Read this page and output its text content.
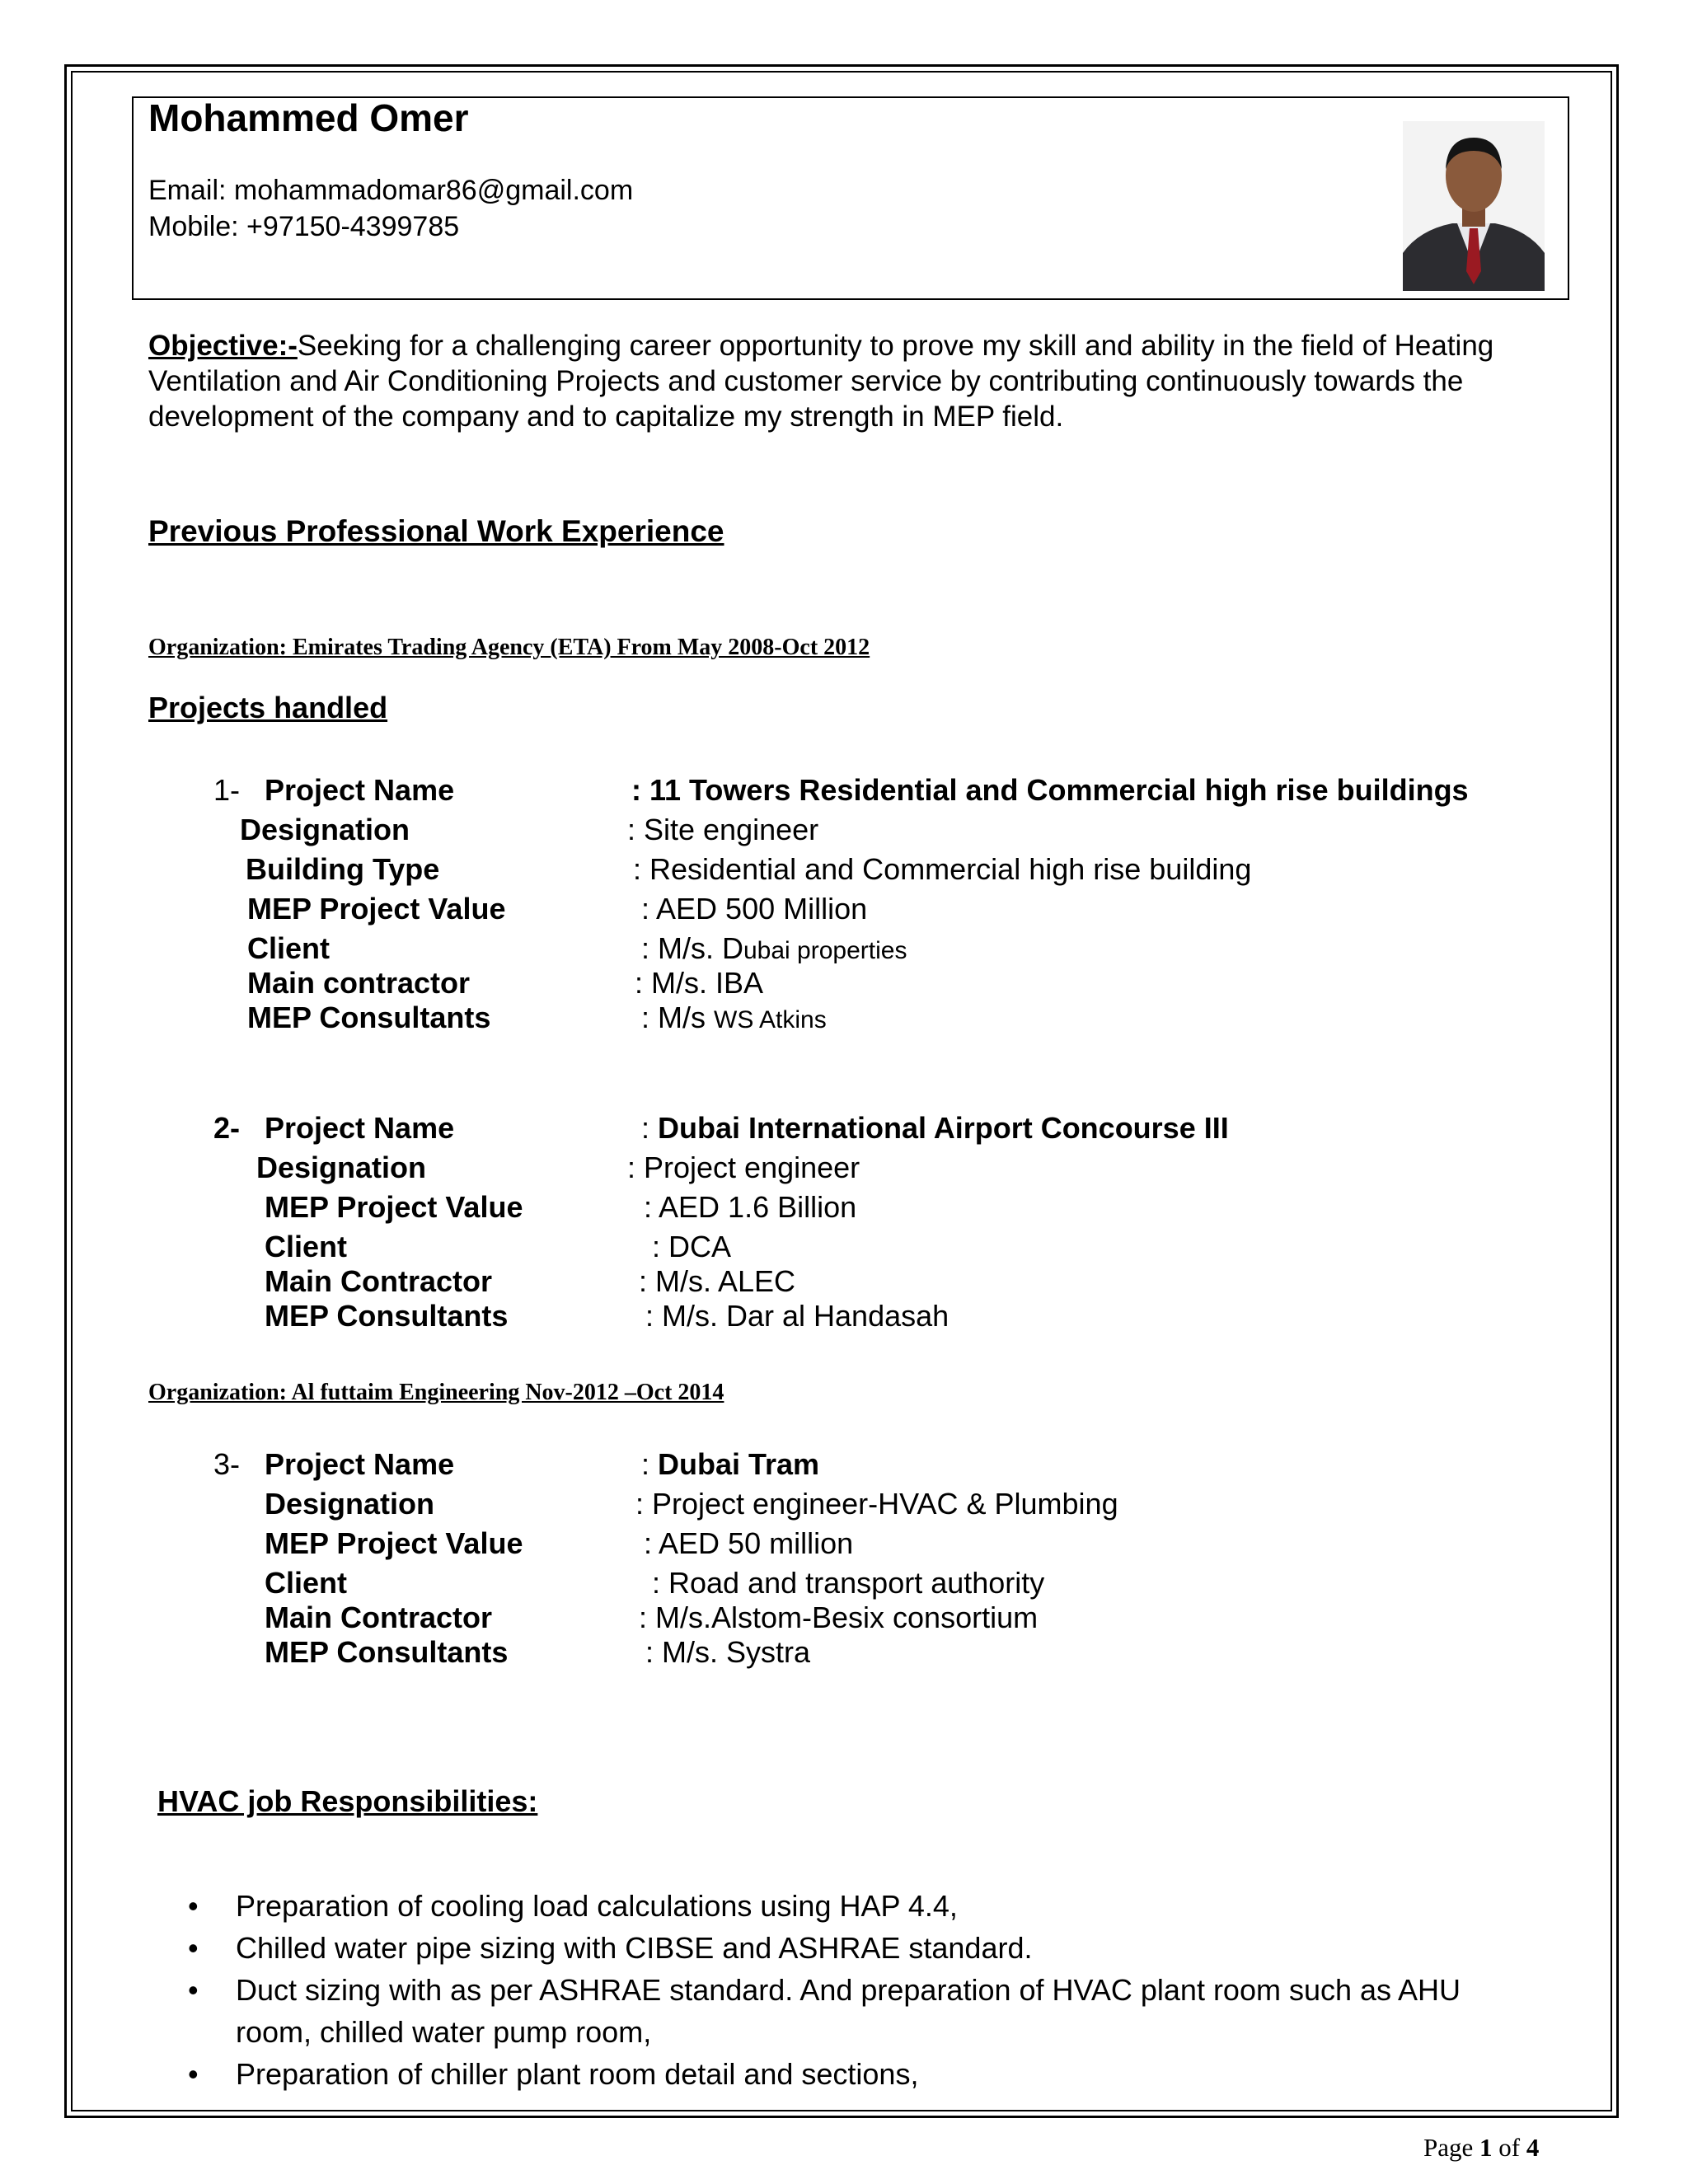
Mohammed Omer
Email: mohammadomar86@gmail.com
Mobile: +97150-4399785
Objective:-Seeking for a challenging career opportunity to prove my skill and ability in the field of Heating Ventilation and Air Conditioning Projects and customer service by contributing continuously towards the development of the company and to capitalize my strength in MEP field.
Previous Professional Work Experience
Organization: Emirates Trading Agency (ETA) From May 2008-Oct 2012
Projects handled
1- Project Name	: 11 Towers Residential and Commercial high rise buildings
Designation	: Site engineer
Building Type	: Residential and Commercial high rise building
MEP Project Value	: AED 500 Million
Client	: M/s. Dubai properties
Main contractor	: M/s. IBA
MEP Consultants	: M/s WS Atkins
2- Project Name	: Dubai International Airport Concourse III
Designation	: Project engineer
MEP Project Value	: AED 1.6 Billion
Client	: DCA
Main Contractor	: M/s. ALEC
MEP Consultants	: M/s. Dar al Handasah
Organization: Al futtaim Engineering Nov-2012 –Oct 2014
3- Project Name	: Dubai Tram
Designation	: Project engineer-HVAC & Plumbing
MEP Project Value	: AED 50 million
Client	: Road and transport authority
Main Contractor	: M/s.Alstom-Besix consortium
MEP Consultants	: M/s. Systra
HVAC job Responsibilities:
• Preparation of cooling load calculations using HAP 4.4,
• Chilled water pipe sizing with CIBSE and ASHRAE standard.
• Duct sizing with as per ASHRAE standard. And preparation of HVAC plant room such as AHU room, chilled water pump room,
• Preparation of chiller plant room detail and sections,
Page 1 of 4
